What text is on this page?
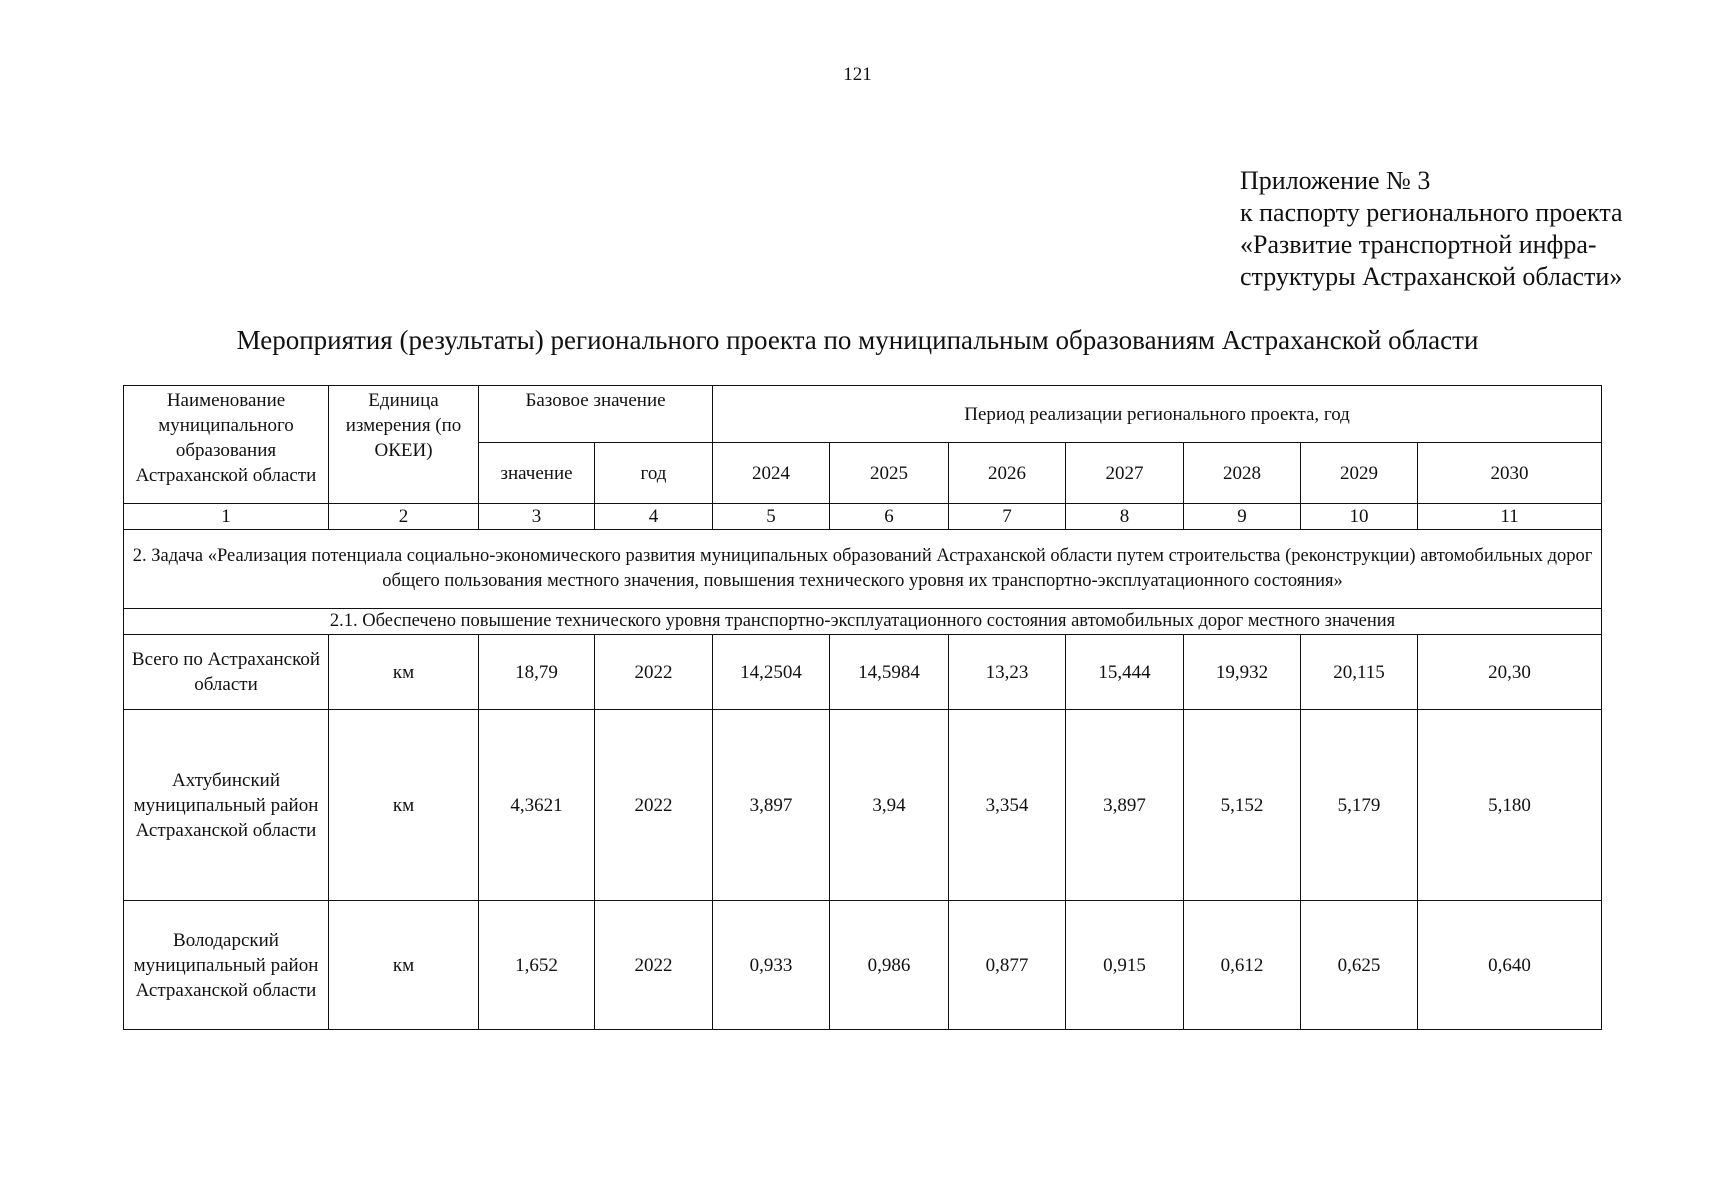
121
Приложение № 3
к паспорту регионального проекта
«Развитие транспортной инфра-
структуры Астраханской области»
Мероприятия (результаты) регионального проекта по муниципальным образованиям Астраханской области
Наименование муниципального образования Астраханской области	Единица измерения (по ОКЕИ)	Базовое значение		Период реализации регионального проекта, год						
		значение	год	2024	2025	2026	2027	2028	2029	2030
1	2	3	4	5	6	7	8	9	10	11
2. Задача «Реализация потенциала социально-экономического развития муниципальных образований Астраханской области путем строительства (реконструкции) автомобильных дорог общего пользования местного значения, повышения технического уровня их транспортно-эксплуатационного состояния»										
2.1. Обеспечено повышение технического уровня транспортно-эксплуатационного состояния автомобильных дорог местного значения										
Всего по Астраханской области	км	18,79	2022	14,2504	14,5984	13,23	15,444	19,932	20,115	20,30
Ахтубинский муниципальный район Астраханской области	км	4,3621	2022	3,897	3,94	3,354	3,897	5,152	5,179	5,180
Володарский муниципальный район Астраханской области	км	1,652	2022	0,933	0,986	0,877	0,915	0,612	0,625	0,640
